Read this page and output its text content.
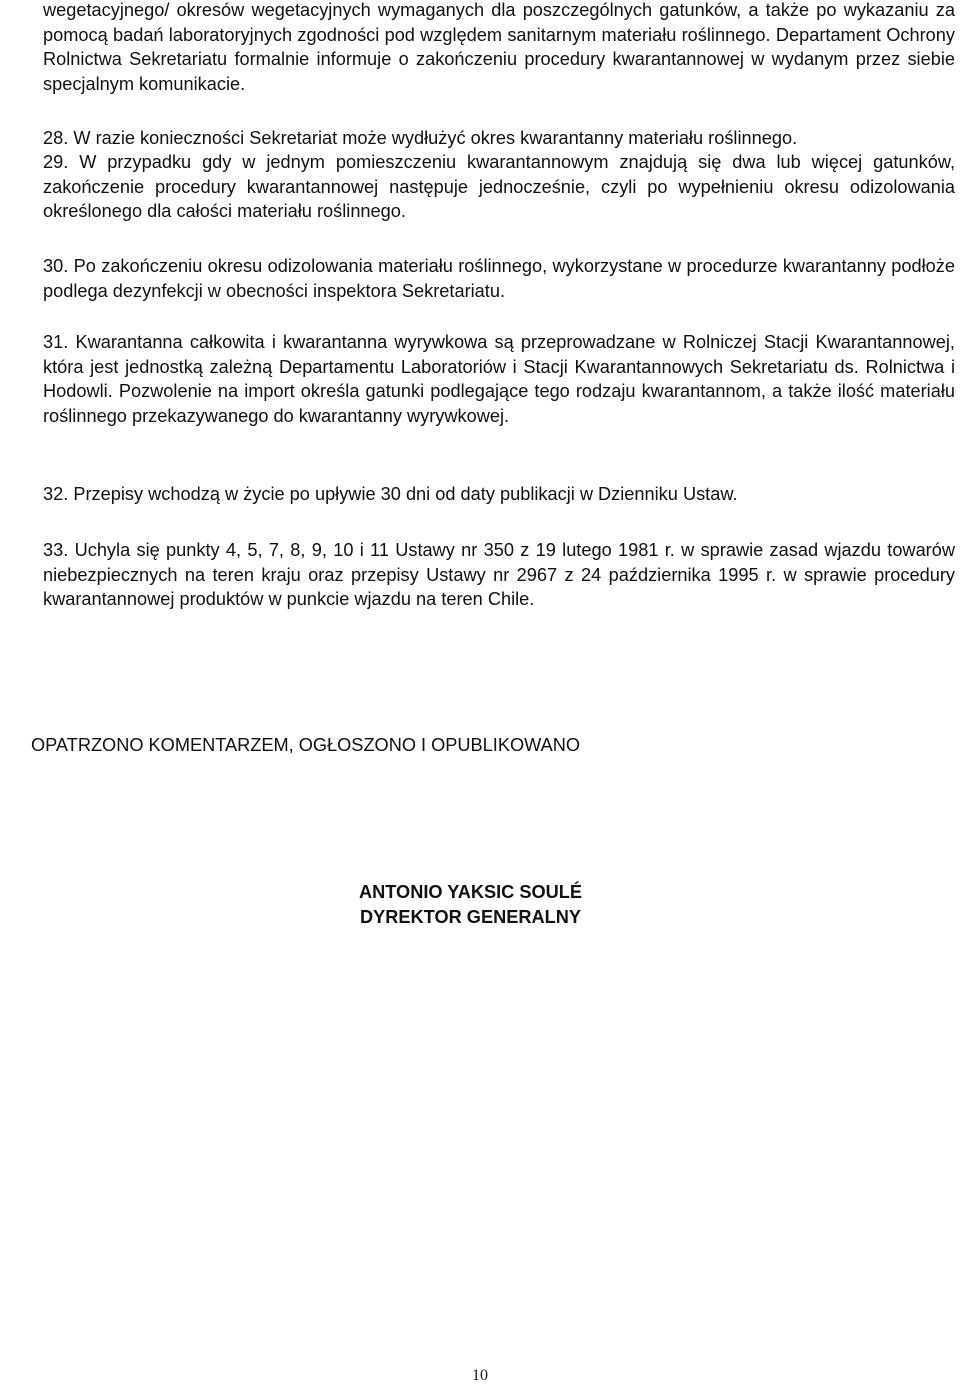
wegetacyjnego/ okresów wegetacyjnych wymaganych dla poszczególnych gatunków, a także po wykazaniu za pomocą badań laboratoryjnych zgodności pod względem sanitarnym materiału roślinnego. Departament Ochrony Rolnictwa Sekretariatu formalnie informuje o zakończeniu procedury kwarantannowej w wydanym przez siebie specjalnym komunikacie.

28. W razie konieczności Sekretariat może wydłużyć okres kwarantanny materiału roślinnego.

29. W przypadku gdy w jednym pomieszczeniu kwarantannowym znajdują się dwa lub więcej gatunków, zakończenie procedury kwarantannowej następuje jednocześnie, czyli po wypełnieniu okresu odizolowania określonego dla całości materiału roślinnego.

30. Po zakończeniu okresu odizolowania materiału roślinnego, wykorzystane w procedurze kwarantanny podłoże podlega dezynfekcji w obecności inspektora Sekretariatu.

31. Kwarantanna całkowita i kwarantanna wyrywkowa są przeprowadzane w Rolniczej Stacji Kwarantannowej, która jest jednostką zależną Departamentu Laboratoriów i Stacji Kwarantannowych Sekretariatu ds. Rolnictwa i Hodowli. Pozwolenie na import określa gatunki podlegające tego rodzaju kwarantannom, a także ilość materiału roślinnego przekazywanego do kwarantanny wyrywkowej.

32. Przepisy wchodzą w życie po upływie 30 dni od daty publikacji w Dzienniku Ustaw.

33. Uchyla się punkty 4, 5, 7, 8, 9, 10 i 11 Ustawy nr 350 z 19 lutego 1981 r. w sprawie zasad wjazdu towarów niebezpiecznych na teren kraju oraz przepisy Ustawy nr 2967 z 24 października 1995 r. w sprawie procedury kwarantannowej produktów w punkcie wjazdu na teren Chile.

OPATRZONO KOMENTARZEM, OGŁOSZONO I OPUBLIKOWANO
ANTONIO YAKSIC SOULÉ
DYREKTOR GENERALNY
10
